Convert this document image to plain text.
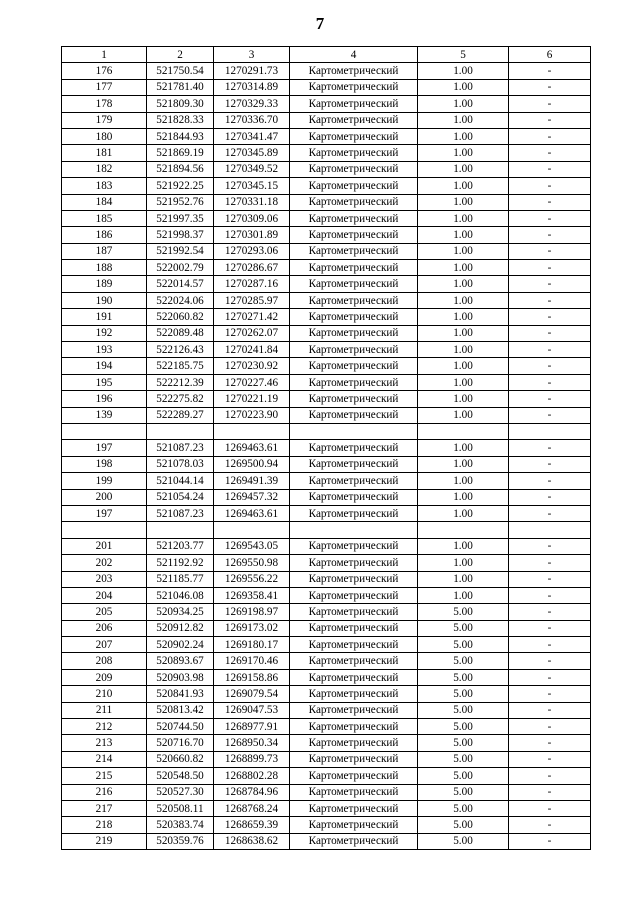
7
1	2	3	4	5	6
176	521750.54	1270291.73	Картометрический	1.00	-
177	521781.40	1270314.89	Картометрический	1.00	-
178	521809.30	1270329.33	Картометрический	1.00	-
179	521828.33	1270336.70	Картометрический	1.00	-
180	521844.93	1270341.47	Картометрический	1.00	-
181	521869.19	1270345.89	Картометрический	1.00	-
182	521894.56	1270349.52	Картометрический	1.00	-
183	521922.25	1270345.15	Картометрический	1.00	-
184	521952.76	1270331.18	Картометрический	1.00	-
185	521997.35	1270309.06	Картометрический	1.00	-
186	521998.37	1270301.89	Картометрический	1.00	-
187	521992.54	1270293.06	Картометрический	1.00	-
188	522002.79	1270286.67	Картометрический	1.00	-
189	522014.57	1270287.16	Картометрический	1.00	-
190	522024.06	1270285.97	Картометрический	1.00	-
191	522060.82	1270271.42	Картометрический	1.00	-
192	522089.48	1270262.07	Картометрический	1.00	-
193	522126.43	1270241.84	Картометрический	1.00	-
194	522185.75	1270230.92	Картометрический	1.00	-
195	522212.39	1270227.46	Картометрический	1.00	-
196	522275.82	1270221.19	Картометрический	1.00	-
139	522289.27	1270223.90	Картометрический	1.00	-

197	521087.23	1269463.61	Картометрический	1.00	-
198	521078.03	1269500.94	Картометрический	1.00	-
199	521044.14	1269491.39	Картометрический	1.00	-
200	521054.24	1269457.32	Картометрический	1.00	-
197	521087.23	1269463.61	Картометрический	1.00	-

201	521203.77	1269543.05	Картометрический	1.00	-
202	521192.92	1269550.98	Картометрический	1.00	-
203	521185.77	1269556.22	Картометрический	1.00	-
204	521046.08	1269358.41	Картометрический	1.00	-
205	520934.25	1269198.97	Картометрический	5.00	-
206	520912.82	1269173.02	Картометрический	5.00	-
207	520902.24	1269180.17	Картометрический	5.00	-
208	520893.67	1269170.46	Картометрический	5.00	-
209	520903.98	1269158.86	Картометрический	5.00	-
210	520841.93	1269079.54	Картометрический	5.00	-
211	520813.42	1269047.53	Картометрический	5.00	-
212	520744.50	1268977.91	Картометрический	5.00	-
213	520716.70	1268950.34	Картометрический	5.00	-
214	520660.82	1268899.73	Картометрический	5.00	-
215	520548.50	1268802.28	Картометрический	5.00	-
216	520527.30	1268784.96	Картометрический	5.00	-
217	520508.11	1268768.24	Картометрический	5.00	-
218	520383.74	1268659.39	Картометрический	5.00	-
219	520359.76	1268638.62	Картометрический	5.00	-
